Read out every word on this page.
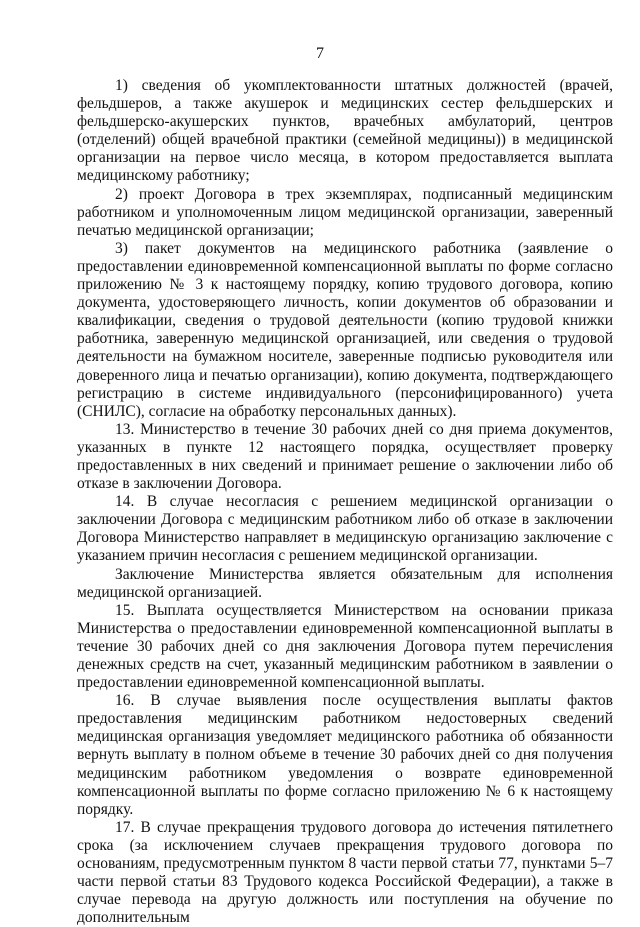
7

1) сведения об укомплектованности штатных должностей (врачей, фельдшеров, а также акушерок и медицинских сестер фельдшерских и фельдшерско-акушерских пунктов, врачебных амбулаторий, центров (отделений) общей врачебной практики (семейной медицины)) в медицинской организации на первое число месяца, в котором предоставляется выплата медицинскому работнику;

2) проект Договора в трех экземплярах, подписанный медицинским работником и уполномоченным лицом медицинской организации, заверенный печатью медицинской организации;

3) пакет документов на медицинского работника (заявление о предоставлении единовременной компенсационной выплаты по форме согласно приложению № 3 к настоящему порядку, копию трудового договора, копию документа, удостоверяющего личность, копии документов об образовании и квалификации, сведения о трудовой деятельности (копию трудовой книжки работника, заверенную медицинской организацией, или сведения о трудовой деятельности на бумажном носителе, заверенные подписью руководителя или доверенного лица и печатью организации), копию документа, подтверждающего регистрацию в системе индивидуального (персонифицированного) учета (СНИЛС), согласие на обработку персональных данных).

13. Министерство в течение 30 рабочих дней со дня приема документов, указанных в пункте 12 настоящего порядка, осуществляет проверку предоставленных в них сведений и принимает решение о заключении либо об отказе в заключении Договора.

14. В случае несогласия с решением медицинской организации о заключении Договора с медицинским работником либо об отказе в заключении Договора Министерство направляет в медицинскую организацию заключение с указанием причин несогласия с решением медицинской организации.

Заключение Министерства является обязательным для исполнения медицинской организацией.

15. Выплата осуществляется Министерством на основании приказа Министерства о предоставлении единовременной компенсационной выплаты в течение 30 рабочих дней со дня заключения Договора путем перечисления денежных средств на счет, указанный медицинским работником в заявлении о предоставлении единовременной компенсационной выплаты.

16. В случае выявления после осуществления выплаты фактов предоставления медицинским работником недостоверных сведений медицинская организация уведомляет медицинского работника об обязанности вернуть выплату в полном объеме в течение 30 рабочих дней со дня получения медицинским работником уведомления о возврате единовременной компенсационной выплаты по форме согласно приложению № 6 к настоящему порядку.

17. В случае прекращения трудового договора до истечения пятилетнего срока (за исключением случаев прекращения трудового договора по основаниям, предусмотренным пунктом 8 части первой статьи 77, пунктами 5–7 части первой статьи 83 Трудового кодекса Российской Федерации), а также в случае перевода на другую должность или поступления на обучение по дополнительным
